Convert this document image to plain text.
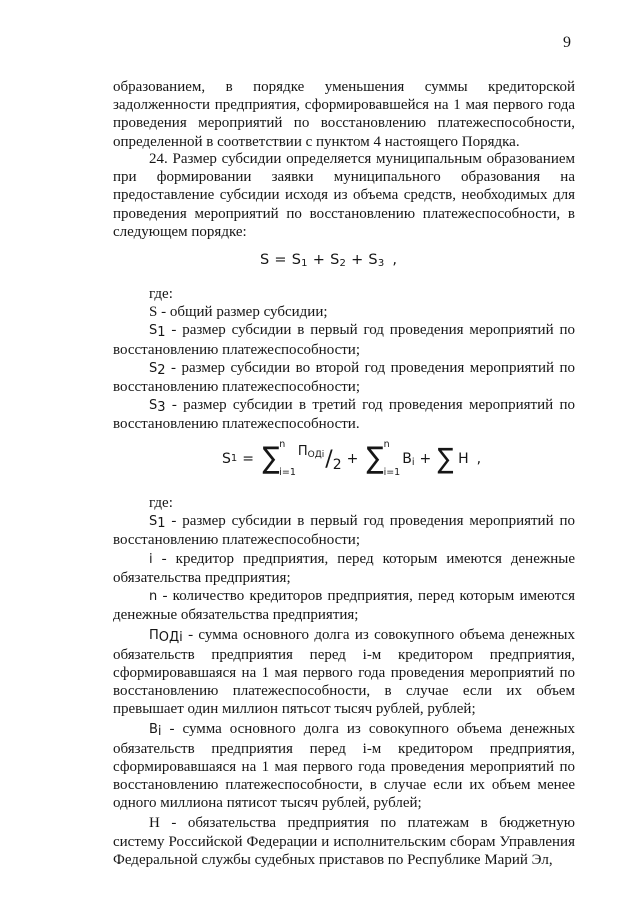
9

образованием, в порядке уменьшения суммы кредиторской задолженности предприятия, сформировавшейся на 1 мая первого года проведения мероприятий по восстановлению платежеспособности, определенной в соответствии с пунктом 4 настоящего Порядка.

24. Размер субсидии определяется муниципальным образованием при формировании заявки муниципального образования на предоставление субсидии исходя из объема средств, необходимых для проведения мероприятий по восстановлению платежеспособности, в следующем порядке:

$S = S_1 + S_2 + S_3$ ,

где:

S - общий размер субсидии;

$S_1$ - размер субсидии в первый год проведения мероприятий по восстановлению платежеспособности;

$S_2$ - размер субсидии во второй год проведения мероприятий по восстановлению платежеспособности;

$S_3$ - размер субсидии в третий год проведения мероприятий по восстановлению платежеспособности.

S 1 = ∑ n
i=1
$П_{ОДi} / 2$ + ∑ n
i=1
$B_i$ + ∑ Н ,

где:

$S_1$ - размер субсидии в первый год проведения мероприятий по восстановлению платежеспособности;

i - кредитор предприятия, перед которым имеются денежные обязательства предприятия;

n - количество кредиторов предприятия, перед которым имеются денежные обязательства предприятия;

$П_{ОДi}$ - сумма основного долга из совокупного объема денежных обязательств предприятия перед i-м кредитором предприятия, сформировавшаяся на 1 мая первого года проведения мероприятий по восстановлению платежеспособности, в случае если их объем превышает один миллион пятьсот тысяч рублей, рублей;

$B_i$ - сумма основного долга из совокупного объема денежных обязательств предприятия перед i-м кредитором предприятия, сформировавшаяся на 1 мая первого года проведения мероприятий по восстановлению платежеспособности, в случае если их объем менее одного миллиона пятисот тысяч рублей, рублей;

Н - обязательства предприятия по платежам в бюджетную систему Российской Федерации и исполнительским сборам Управления Федеральной службы судебных приставов по Республике Марий Эл,
